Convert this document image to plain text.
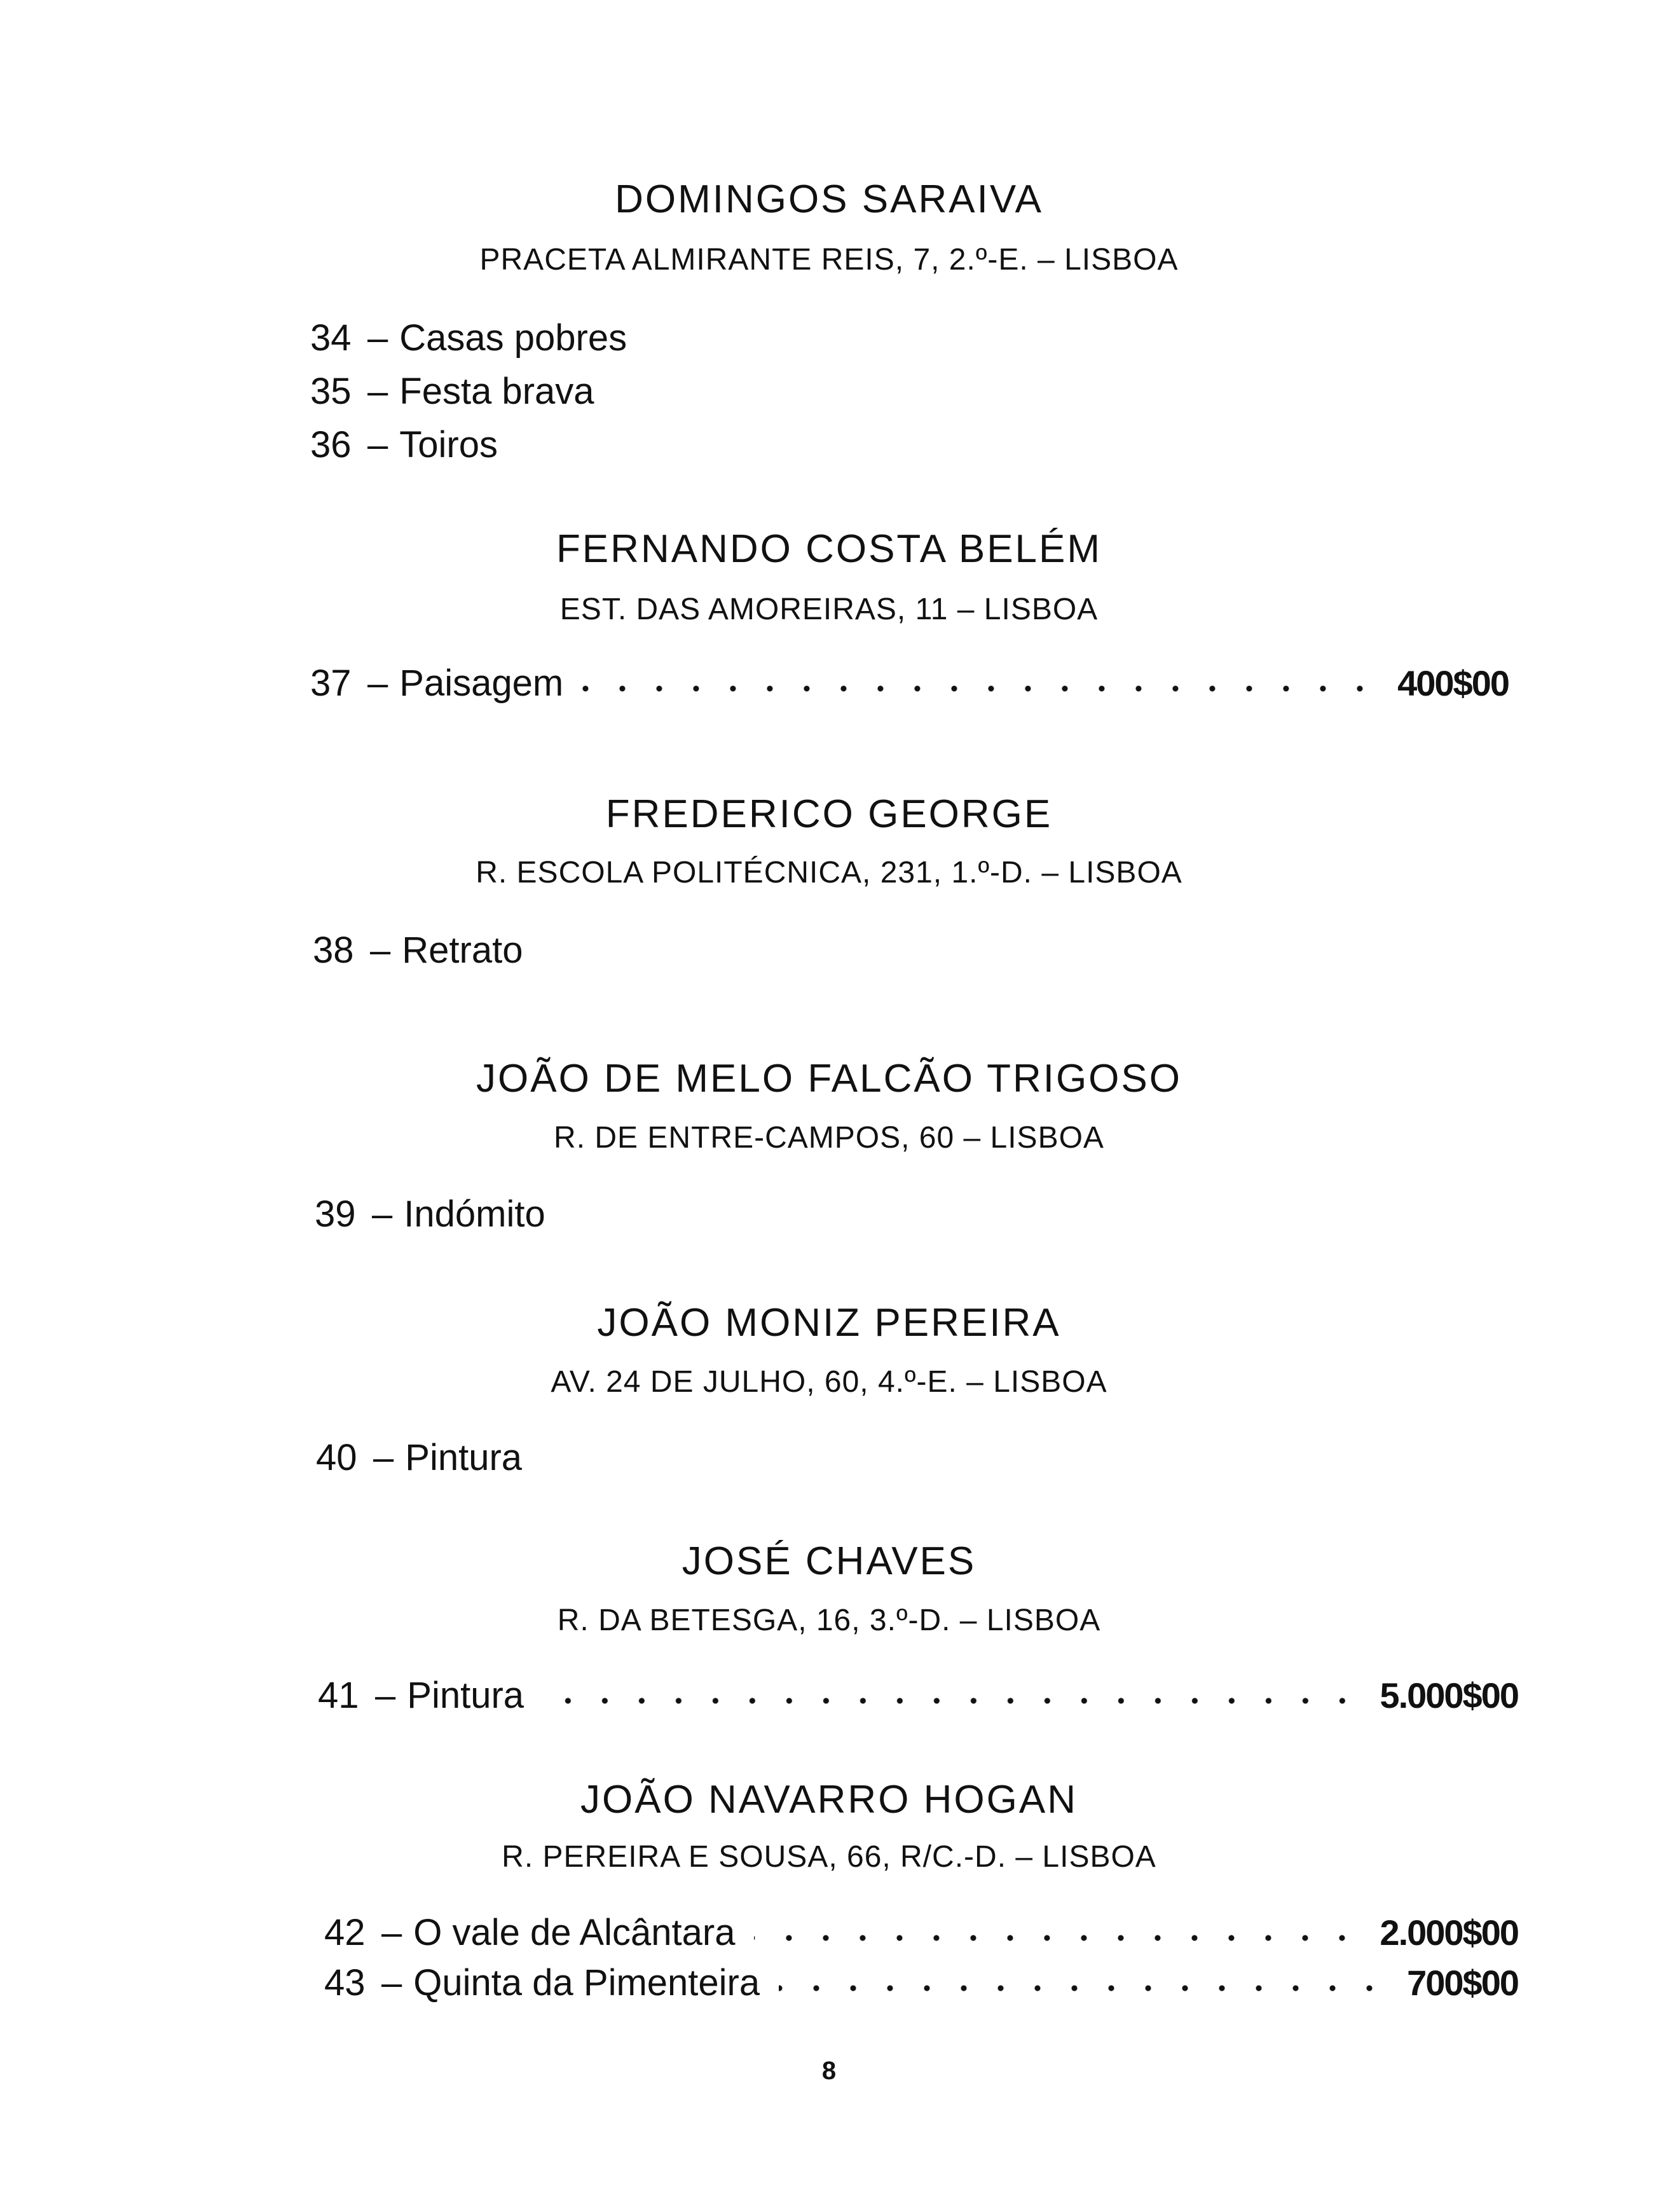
DOMINGOS SARAIVA
PRACETA ALMIRANTE REIS, 7, 2.º-E. – LISBOA
34 – Casas pobres
35 – Festa brava
36 – Toiros
FERNANDO COSTA BELÉM
EST. DAS AMOREIRAS, 11 – LISBOA
37 – Paisagem	400$00
FREDERICO GEORGE
R. ESCOLA POLITÉCNICA, 231, 1.º-D. – LISBOA
38 – Retrato
JOÃO DE MELO FALCÃO TRIGOSO
R. DE ENTRE-CAMPOS, 60 – LISBOA
39 – Indómito
JOÃO MONIZ PEREIRA
AV. 24 DE JULHO, 60, 4.º-E. – LISBOA
40 – Pintura
JOSÉ CHAVES
R. DA BETESGA, 16, 3.º-D. – LISBOA
41 – Pintura	5.000$00
JOÃO NAVARRO HOGAN
R. PEREIRA E SOUSA, 66, R/C.-D. – LISBOA
42 – O vale de Alcântara	2.000$00
43 – Quinta da Pimenteira	700$00
8
